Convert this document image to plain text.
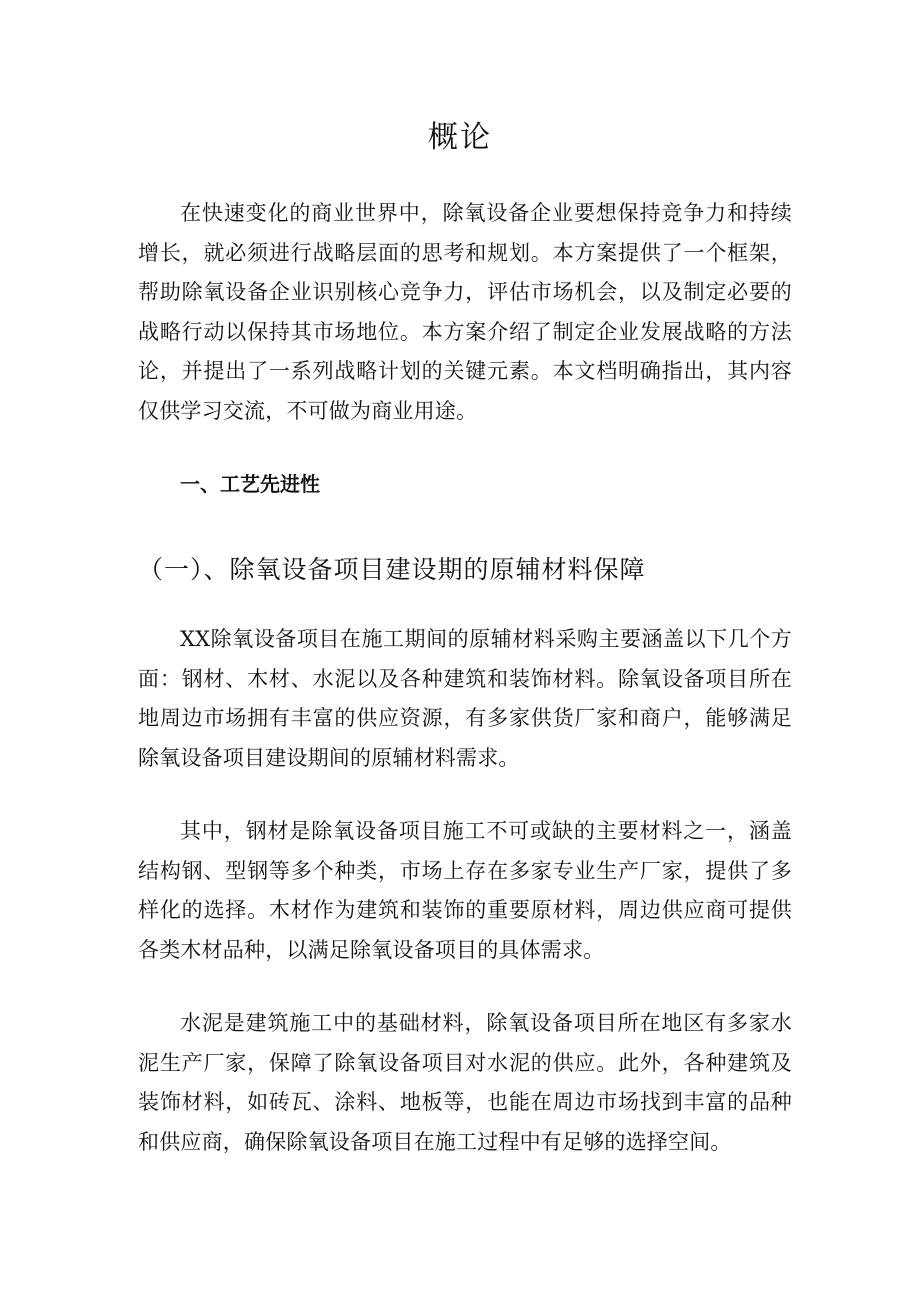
概论

在快速变化的商业世界中，除氧设备企业要想保持竞争力和持续增长，就必须进行战略层面的思考和规划。本方案提供了一个框架，帮助除氧设备企业识别核心竞争力，评估市场机会，以及制定必要的战略行动以保持其市场地位。本方案介绍了制定企业发展战略的方法论，并提出了一系列战略计划的关键元素。本文档明确指出，其内容仅供学习交流，不可做为商业用途。

一、工艺先进性
（一）、除氧设备项目建设期的原辅材料保障

XX除氧设备项目在施工期间的原辅材料采购主要涵盖以下几个方面：钢材、木材、水泥以及各种建筑和装饰材料。除氧设备项目所在地周边市场拥有丰富的供应资源，有多家供货厂家和商户，能够满足除氧设备项目建设期间的原辅材料需求。

其中，钢材是除氧设备项目施工不可或缺的主要材料之一，涵盖结构钢、型钢等多个种类，市场上存在多家专业生产厂家，提供了多样化的选择。木材作为建筑和装饰的重要原材料，周边供应商可提供各类木材品种，以满足除氧设备项目的具体需求。

水泥是建筑施工中的基础材料，除氧设备项目所在地区有多家水泥生产厂家，保障了除氧设备项目对水泥的供应。此外，各种建筑及装饰材料，如砖瓦、涂料、地板等，也能在周边市场找到丰富的品种和供应商，确保除氧设备项目在施工过程中有足够的选择空间。
